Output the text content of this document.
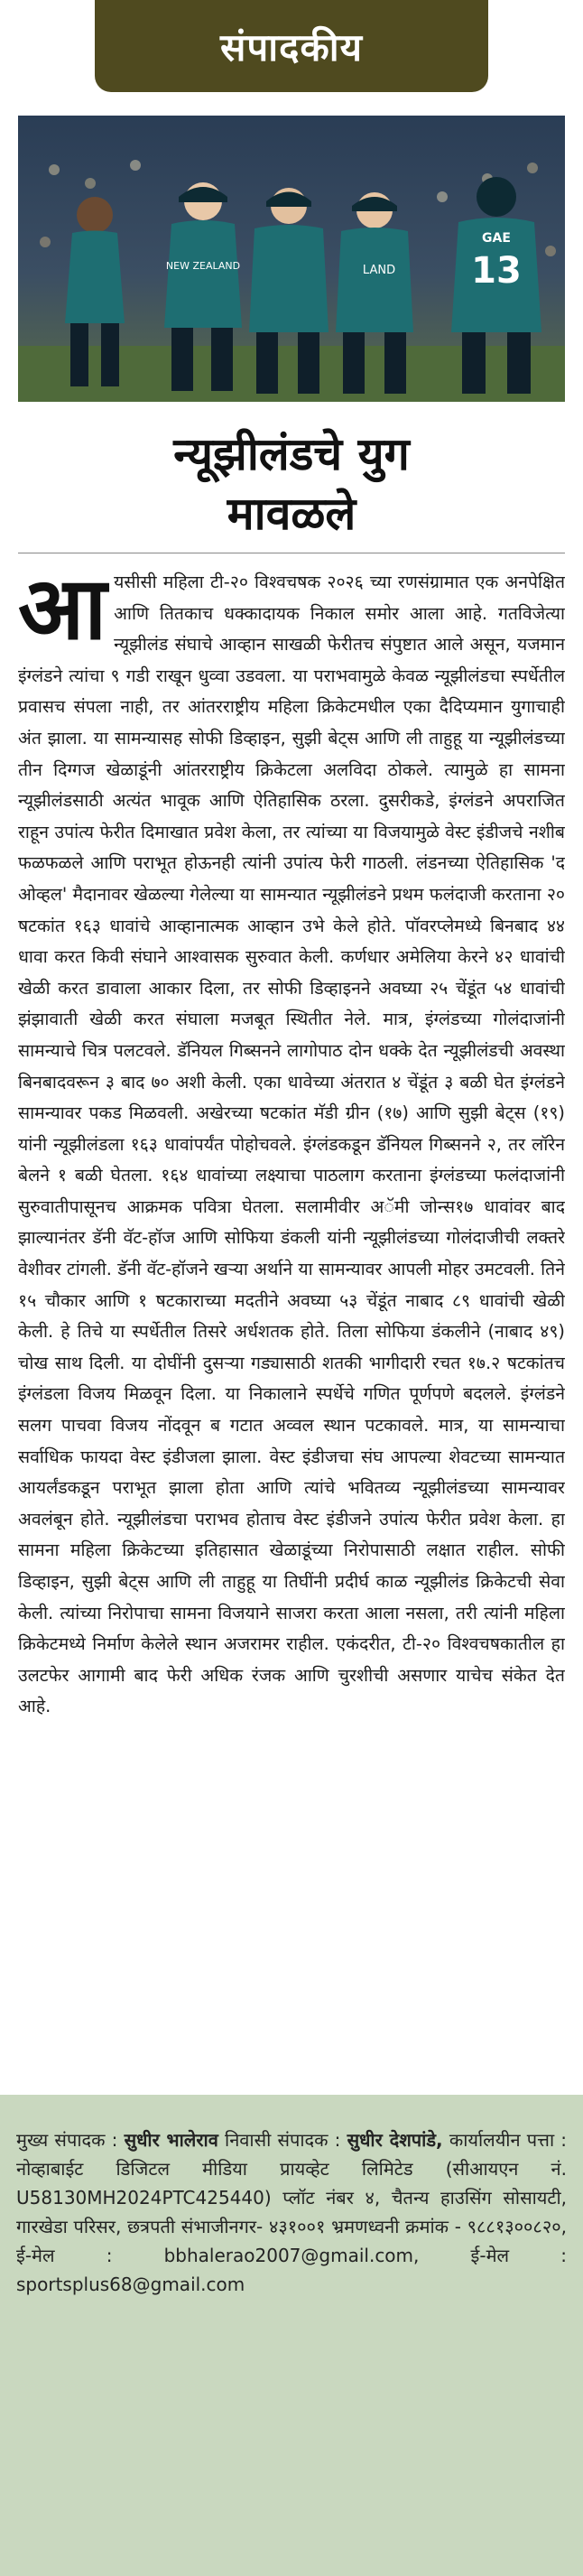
संपादकीय
NEW ZEALAND	LAND
GAE
13
न्यूझीलंडचे युग
मावळले
आ यसीसी महिला टी-२० विश्वचषक २०२६ च्या रणसंग्रामात एक अनपेक्षित आणि तितकाच धक्कादायक निकाल समोर आला आहे. गतविजेत्या न्यूझीलंड संघाचे आव्हान साखळी फेरीतच संपुष्टात आले असून, यजमान इंग्लंडने त्यांचा ९ गडी राखून धुव्वा उडवला. या पराभवामुळे केवळ न्यूझीलंडचा स्पर्धेतील प्रवासच संपला नाही, तर आंतरराष्ट्रीय महिला क्रिकेटमधील एका दैदिप्यमान युगाचाही अंत झाला. या सामन्यासह सोफी डिव्हाइन, सुझी बेट्स आणि ली ताहुहू या न्यूझीलंडच्या तीन दिग्गज खेळाडूंनी आंतरराष्ट्रीय क्रिकेटला अलविदा ठोकले. त्यामुळे हा सामना न्यूझीलंडसाठी अत्यंत भावूक आणि ऐतिहासिक ठरला. दुसरीकडे, इंग्लंडने अपराजित राहून उपांत्य फेरीत दिमाखात प्रवेश केला, तर त्यांच्या या विजयामुळे वेस्ट इंडीजचे नशीब फळफळले आणि पराभूत होऊनही त्यांनी उपांत्य फेरी गाठली. लंडनच्या ऐतिहासिक 'द ओव्हल' मैदानावर खेळल्या गेलेल्या या सामन्यात न्यूझीलंडने प्रथम फलंदाजी करताना २० षटकांत १६३ धावांचे आव्हानात्मक आव्हान उभे केले होते. पॉवरप्लेमध्ये बिनबाद ४४ धावा करत किवी संघाने आश्वासक सुरुवात केली. कर्णधार अमेलिया केरने ४२ धावांची खेळी करत डावाला आकार दिला, तर सोफी डिव्हाइनने अवघ्या २५ चेंडूंत ५४ धावांची झंझावाती खेळी करत संघाला मजबूत स्थितीत नेले. मात्र, इंग्लंडच्या गोलंदाजांनी सामन्याचे चित्र पलटवले. डॅनियल गिब्सनने लागोपाठ दोन धक्के देत न्यूझीलंडची अवस्था बिनबादवरून ३ बाद ७० अशी केली. एका धावेच्या अंतरात ४ चेंडूंत ३ बळी घेत इंग्लंडने सामन्यावर पकड मिळवली. अखेरच्या षटकांत मॅडी ग्रीन (१७) आणि सुझी बेट्स (१९) यांनी न्यूझीलंडला १६३ धावांपर्यंत पोहोचवले. इंग्लंडकडून डॅनियल गिब्सनने २, तर लॉरेन बेलने १ बळी घेतला. १६४ धावांच्या लक्ष्याचा पाठलाग करताना इंग्लंडच्या फलंदाजांनी सुरुवातीपासूनच आक्रमक पवित्रा घेतला. सलामीवीर अॅमी जोन्स१७ धावांवर बाद झाल्यानंतर डॅनी वॅट-हॉज आणि सोफिया डंकली यांनी न्यूझीलंडच्या गोलंदाजीची लक्तरे वेशीवर टांगली. डॅनी वॅट-हॉजने खऱ्या अर्थाने या सामन्यावर आपली मोहर उमटवली. तिने १५ चौकार आणि १ षटकाराच्या मदतीने अवघ्या ५३ चेंडूंत नाबाद ८९ धावांची खेळी केली. हे तिचे या स्पर्धेतील तिसरे अर्धशतक होते. तिला सोफिया डंकलीने (नाबाद ४९) चोख साथ दिली. या दोघींनी दुसऱ्या गड्यासाठी शतकी भागीदारी रचत १७.२ षटकांतच इंग्लंडला विजय मिळवून दिला. या निकालाने स्पर्धेचे गणित पूर्णपणे बदलले. इंग्लंडने सलग पाचवा विजय नोंदवून ब गटात अव्वल स्थान पटकावले. मात्र, या सामन्याचा सर्वाधिक फायदा वेस्ट इंडीजला झाला. वेस्ट इंडीजचा संघ आपल्या शेवटच्या सामन्यात आयर्लंडकडून पराभूत झाला होता आणि त्यांचे भवितव्य न्यूझीलंडच्या सामन्यावर अवलंबून होते. न्यूझीलंडचा पराभव होताच वेस्ट इंडीजने उपांत्य फेरीत प्रवेश केला. हा सामना महिला क्रिकेटच्या इतिहासात खेळाडूंच्या निरोपासाठी लक्षात राहील. सोफी डिव्हाइन, सुझी बेट्स आणि ली ताहुहू या तिघींनी प्रदीर्घ काळ न्यूझीलंड क्रिकेटची सेवा केली. त्यांच्या निरोपाचा सामना विजयाने साजरा करता आला नसला, तरी त्यांनी महिला क्रिकेटमध्ये निर्माण केलेले स्थान अजरामर राहील. एकंदरीत, टी-२० विश्वचषकातील हा उलटफेर आगामी बाद फेरी अधिक रंजक आणि चुरशीची असणार याचेच संकेत देत आहे.

मुख्य संपादक : सुधीर भालेराव निवासी संपादक : सुधीर देशपांडे, कार्यालयीन पत्ता : नोव्हाबाईट डिजिटल मीडिया प्रायव्हेट लिमिटेड (सीआयएन नं. U58130MH2024PTC425440) प्लॉट नंबर ४, चैतन्य हाउसिंग सोसायटी, गारखेडा परिसर, छत्रपती संभाजीनगर- ४३१००१ भ्रमणध्वनी क्रमांक - ९८८१३००८२०, ई-मेल : bbhalerao2007@gmail.com, ई-मेल : sportsplus68@gmail.com
